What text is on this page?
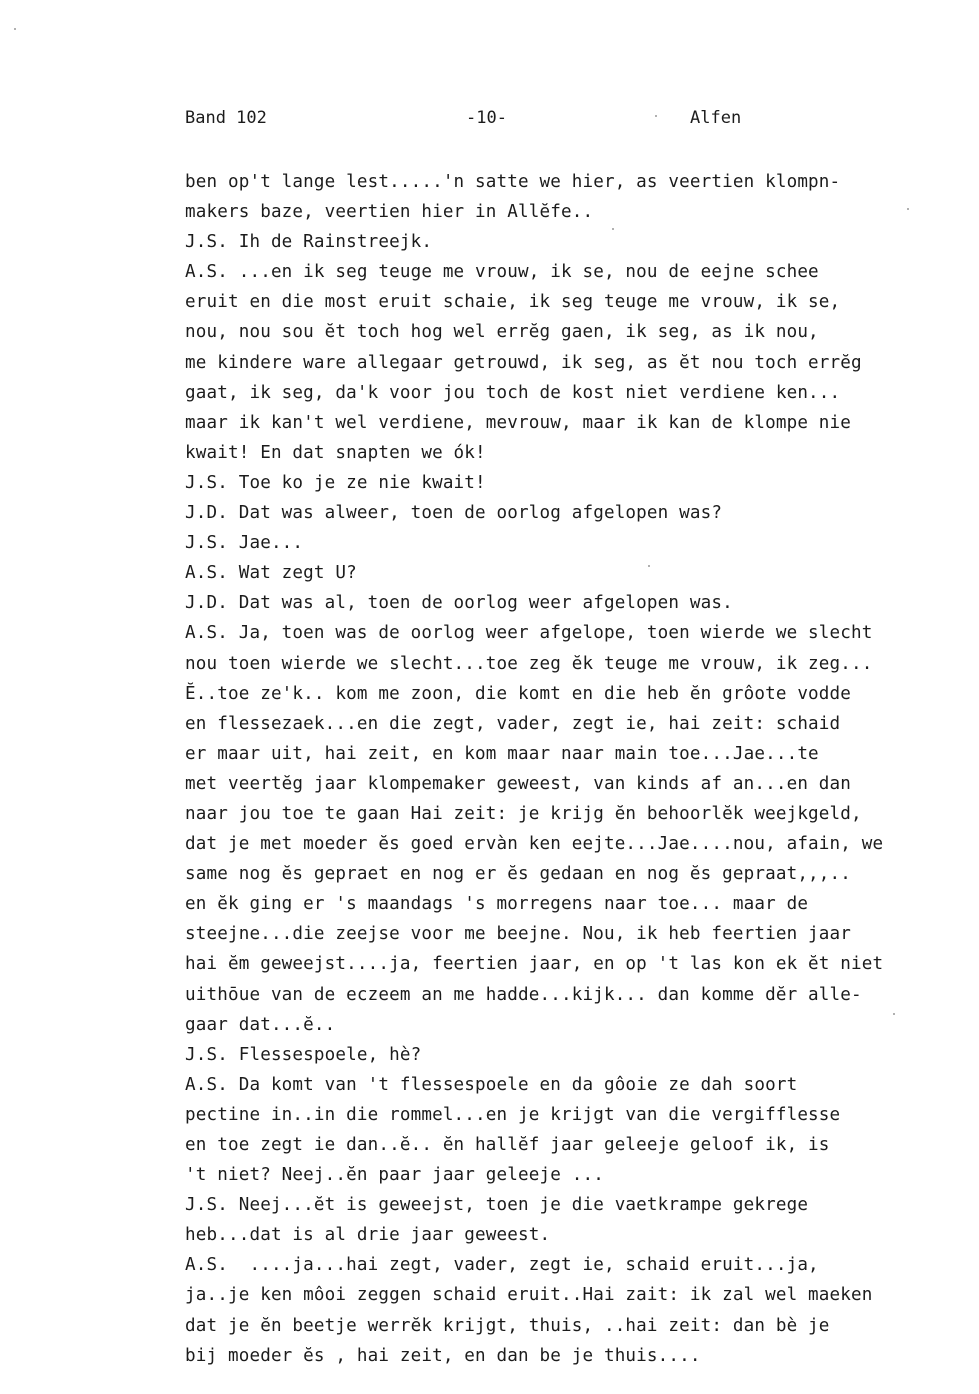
Band 102	-10-	Alfen
ben op't lange lest.....'n satte we hier, as veertien klompn-
makers baze, veertien hier in Allĕfe..
J.S. Ih de Rainstreejk.
A.S. ...en ik seg teuge me vrouw, ik se, nou de eejne schee
eruit en die most eruit schaie, ik seg teuge me vrouw, ik se,
nou, nou sou ĕt toch hog wel errĕg gaen, ik seg, as ik nou,
me kindere ware allegaar getrouwd, ik seg, as ĕt nou toch errĕg
gaat, ik seg, da'k voor jou toch de kost niet verdiene ken...
maar ik kan't wel verdiene, mevrouw, maar ik kan de klompe nie
kwait! En dat snapten we ók!
J.S. Toe ko je ze nie kwait!
J.D. Dat was alweer, toen de oorlog afgelopen was?
J.S. Jae...
A.S. Wat zegt U?
J.D. Dat was al, toen de oorlog weer afgelopen was.
A.S. Ja, toen was de oorlog weer afgelope, toen wierde we slecht
nou toen wierde we slecht...toe zeg ĕk teuge me vrouw, ik zeg...
Ĕ..toe ze'k.. kom me zoon, die komt en die heb ĕn grôote vodde
en flessezaek...en die zegt, vader, zegt ie, hai zeit: schaid
er maar uit, hai zeit, en kom maar naar main toe...Jae...te
met veertĕg jaar klompemaker geweest, van kinds af an...en dan
naar jou toe te gaan Hai zeit: je krijg ĕn behoorlĕk weejkgeld,
dat je met moeder ĕs goed ervàn ken eejte...Jae....nou, afain, we
same nog ĕs gepraet en nog er ĕs gedaan en nog ĕs gepraat,,,..
en ĕk ging er 's maandags 's morregens naar toe... maar de
steejne...die zeejse voor me beejne. Nou, ik heb feertien jaar
hai ĕm geweejst....ja, feertien jaar, en op 't las kon ek ĕt niet
uithōue van de eczeem an me hadde...kijk... dan komme dĕr alle-
gaar dat...ĕ..
J.S. Flessespoele, hè?
A.S. Da komt van 't flessespoele en da gôoie ze dah soort
pectine in..in die rommel...en je krijgt van die vergifflesse
en toe zegt ie dan..ĕ.. ĕn hallĕf jaar geleeje geloof ik, is
't niet? Neej..ĕn paar jaar geleeje ...
J.S. Neej...ĕt is geweejst, toen je die vaetkrampe gekrege
heb...dat is al drie jaar geweest.
A.S.  ....ja...hai zegt, vader, zegt ie, schaid eruit...ja,
ja..je ken môoi zeggen schaid eruit..Hai zait: ik zal wel maeken
dat je ĕn beetje werrĕk krijgt, thuis, ..hai zeit: dan bè je
bij moeder ĕs , hai zeit, en dan be je thuis....
